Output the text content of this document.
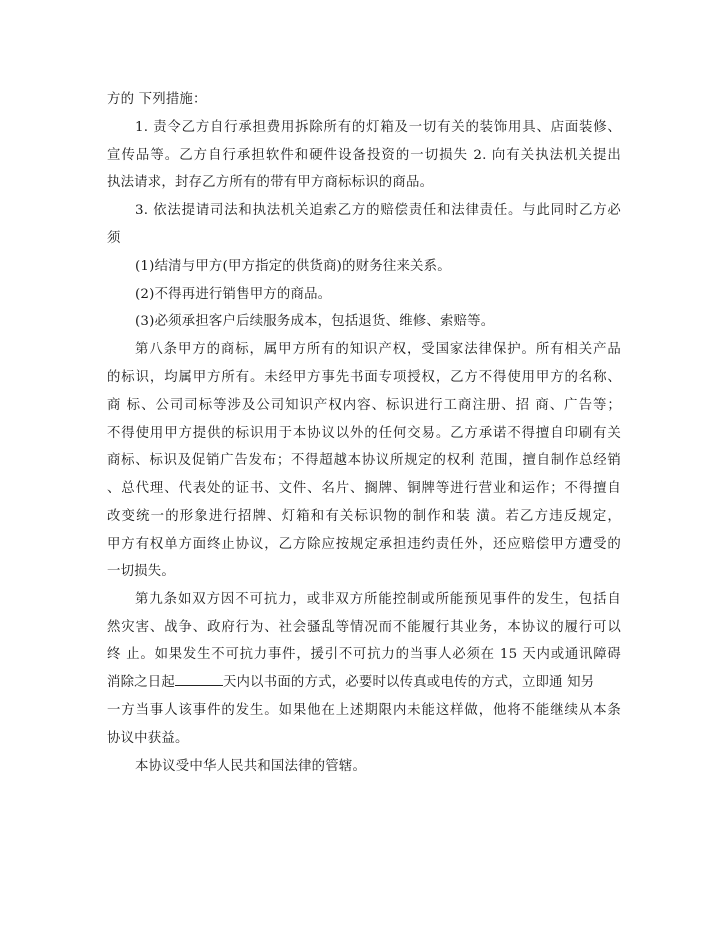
方的 下列措施：
1. 责令乙方自行承担费用拆除所有的灯箱及一切有关的装饰用具、店面装修、
宣传品等。乙方自行承担软件和硬件设备投资的一切损失 2. 向有关执法机关提出
执法请求，封存乙方所有的带有甲方商标标识的商品。
3. 依法提请司法和执法机关追索乙方的赔偿责任和法律责任。与此同时乙方必
须
(1)结清与甲方(甲方指定的供货商)的财务往来关系。
(2)不得再进行销售甲方的商品。
(3)必须承担客户后续服务成本，包括退货、维修、索赔等。
第八条甲方的商标，属甲方所有的知识产权，受国家法律保护。所有相关产品
的标识，均属甲方所有。未经甲方事先书面专项授权，乙方不得使用甲方的名称、
商 标、公司司标等涉及公司知识产权内容、标识进行工商注册、招 商、广告等；
不得使用甲方提供的标识用于本协议以外的任何交易。乙方承诺不得擅自印刷有关
商标、标识及促销广告发布；不得超越本协议所规定的权利 范围，擅自制作总经销
、总代理、代表处的证书、文件、名片、搁牌、铜牌等进行营业和运作；不得擅自
改变统一的形象进行招牌、灯箱和有关标识物的制作和装 潢。若乙方违反规定，
甲方有权单方面终止协议，乙方除应按规定承担违约责任外，还应赔偿甲方遭受的
一切损失。
第九条如双方因不可抗力，或非双方所能控制或所能预见事件的发生，包括自
然灾害、战争、政府行为、社会骚乱等情况而不能履行其业务，本协议的履行可以
终 止。如果发生不可抗力事件，援引不可抗力的当事人必须在 15 天内或通讯障碍
消除之日起	天内以书面的方式，必要时以传真或电传的方式，立即通 知另
一方当事人该事件的发生。如果他在上述期限内未能这样做，他将不能继续从本条
协议中获益。
本协议受中华人民共和国法律的管辖。
